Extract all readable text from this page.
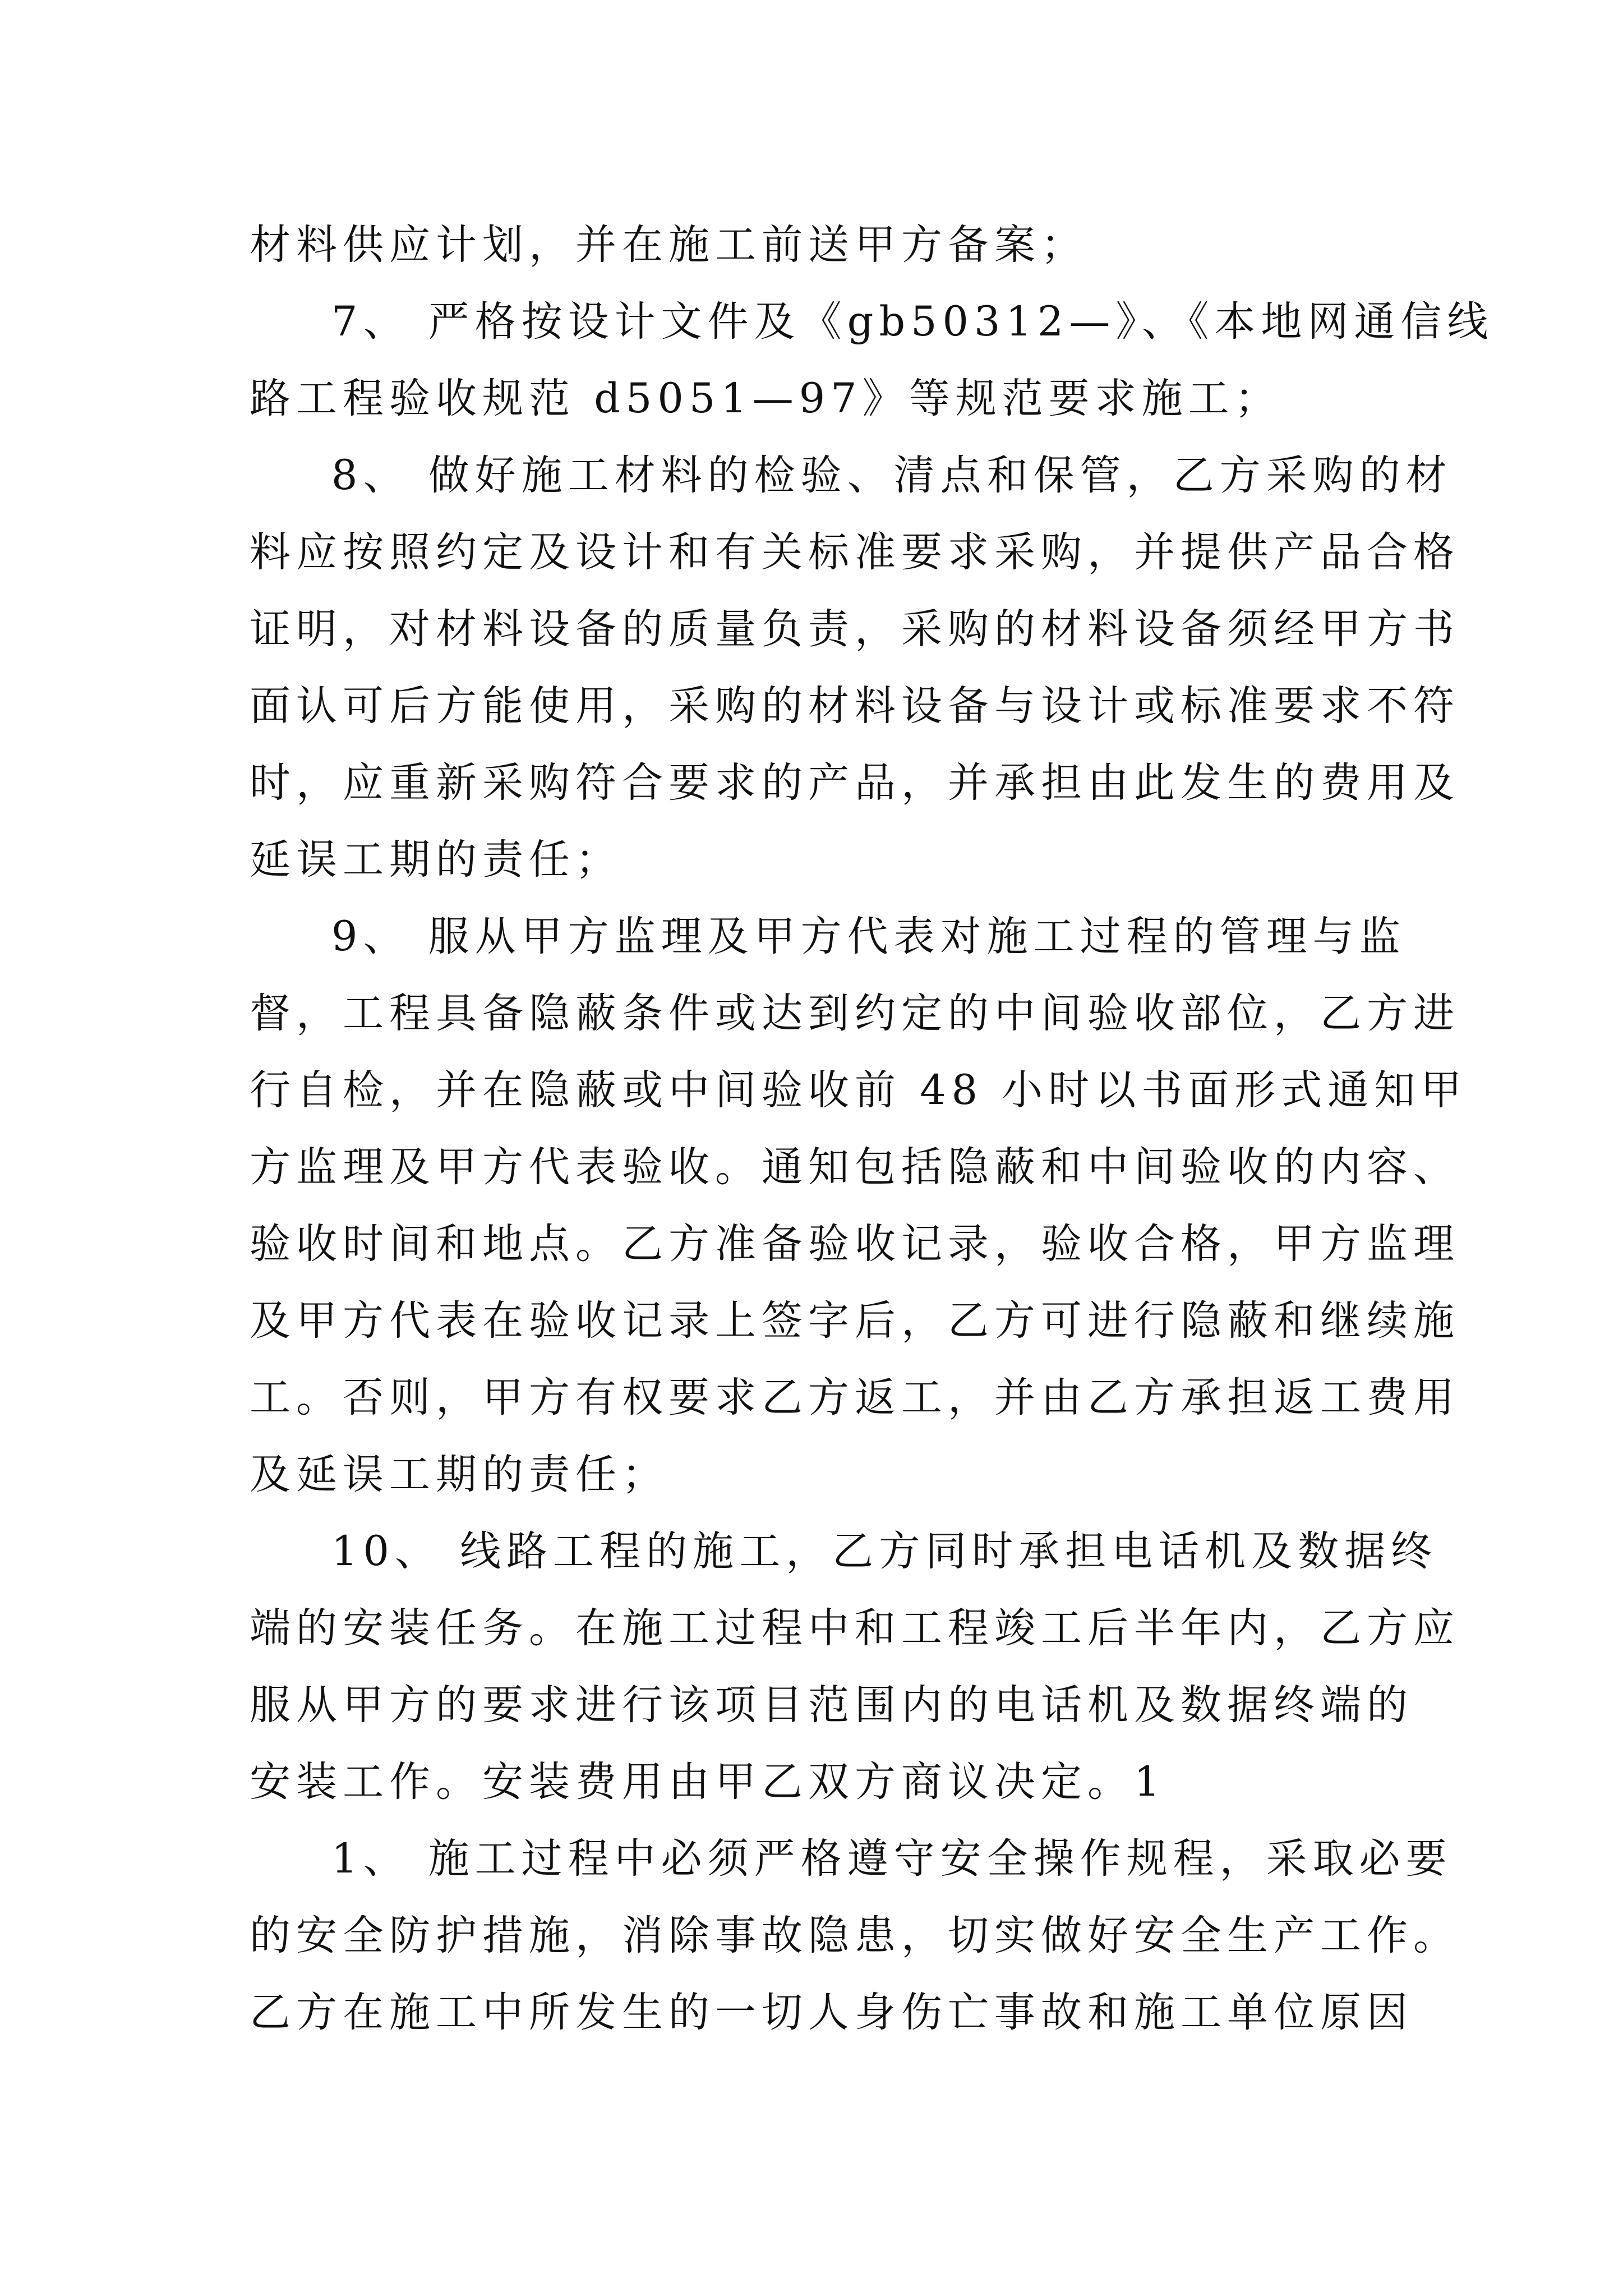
材料供应计划，并在施工前送甲方备案；
7、 严格按设计文件及《gb50312—》、《本地网通信线
路工程验收规范 d5051—97》等规范要求施工；
8、 做好施工材料的检验、清点和保管，乙方采购的材
料应按照约定及设计和有关标准要求采购，并提供产品合格
证明，对材料设备的质量负责，采购的材料设备须经甲方书
面认可后方能使用，采购的材料设备与设计或标准要求不符
时，应重新采购符合要求的产品，并承担由此发生的费用及
延误工期的责任；
9、 服从甲方监理及甲方代表对施工过程的管理与监
督，工程具备隐蔽条件或达到约定的中间验收部位，乙方进
行自检，并在隐蔽或中间验收前 48 小时以书面形式通知甲
方监理及甲方代表验收。通知包括隐蔽和中间验收的内容、
验收时间和地点。乙方准备验收记录，验收合格，甲方监理
及甲方代表在验收记录上签字后，乙方可进行隐蔽和继续施
工。否则，甲方有权要求乙方返工，并由乙方承担返工费用
及延误工期的责任；
10、 线路工程的施工，乙方同时承担电话机及数据终
端的安装任务。在施工过程中和工程竣工后半年内，乙方应
服从甲方的要求进行该项目范围内的电话机及数据终端的
安装工作。安装费用由甲乙双方商议决定。1
1、 施工过程中必须严格遵守安全操作规程，采取必要
的安全防护措施，消除事故隐患，切实做好安全生产工作。
乙方在施工中所发生的一切人身伤亡事故和施工单位原因
